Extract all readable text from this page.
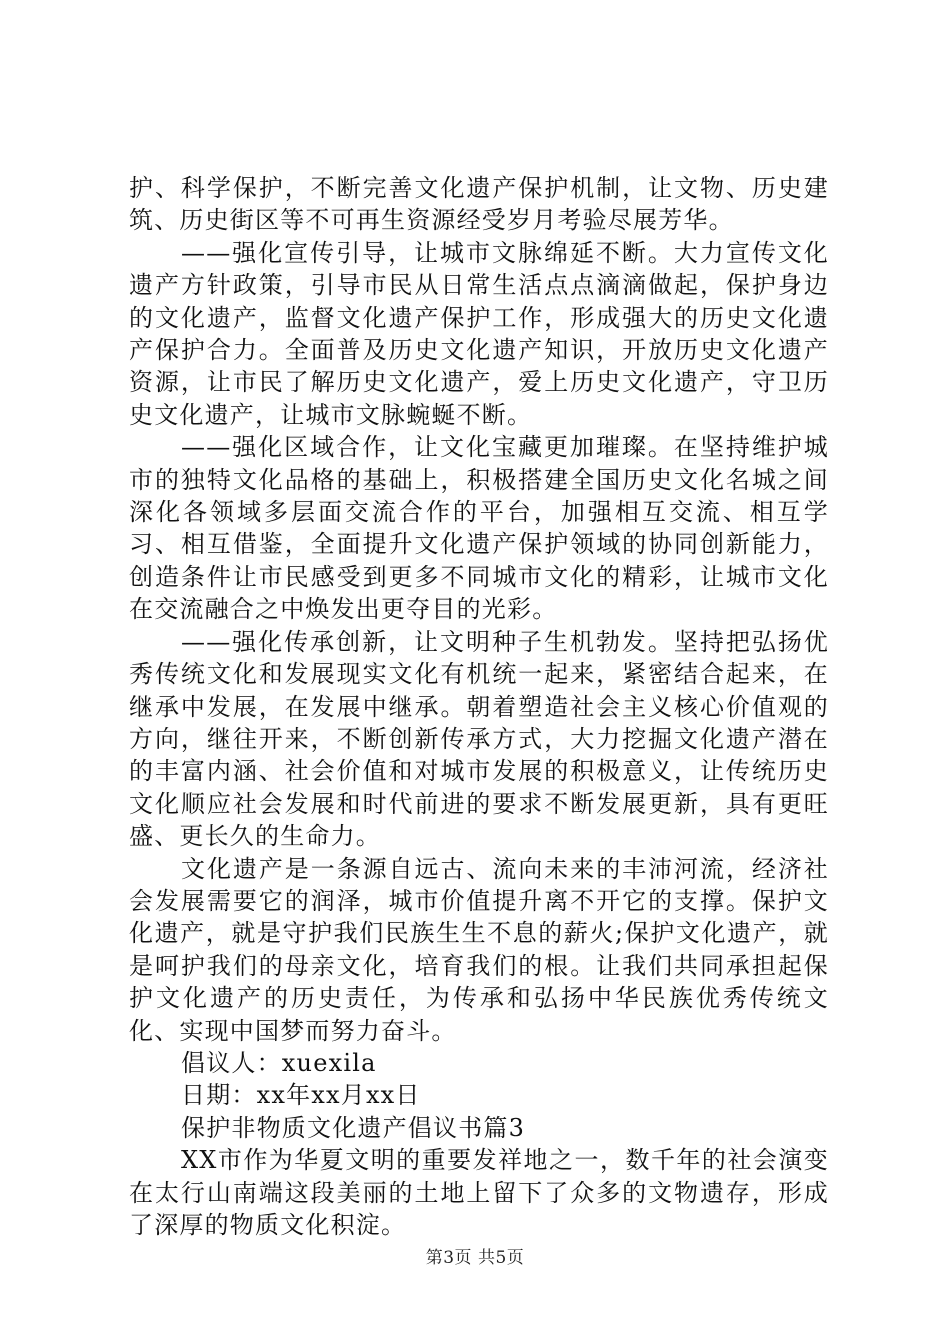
护、科学保护，不断完善文化遗产保护机制，让文物、历史建筑、历史街区等不可再生资源经受岁月考验尽展芳华。

——强化宣传引导，让城市文脉绵延不断。大力宣传文化遗产方针政策，引导市民从日常生活点点滴滴做起，保护身边的文化遗产，监督文化遗产保护工作，形成强大的历史文化遗产保护合力。全面普及历史文化遗产知识，开放历史文化遗产资源，让市民了解历史文化遗产，爱上历史文化遗产，守卫历史文化遗产，让城市文脉蜿蜒不断。

——强化区域合作，让文化宝藏更加璀璨。在坚持维护城市的独特文化品格的基础上，积极搭建全国历史文化名城之间深化各领域多层面交流合作的平台，加强相互交流、相互学习、相互借鉴，全面提升文化遗产保护领域的协同创新能力，创造条件让市民感受到更多不同城市文化的精彩，让城市文化在交流融合之中焕发出更夺目的光彩。

——强化传承创新，让文明种子生机勃发。坚持把弘扬优秀传统文化和发展现实文化有机统一起来，紧密结合起来，在继承中发展，在发展中继承。朝着塑造社会主义核心价值观的方向，继往开来，不断创新传承方式，大力挖掘文化遗产潜在的丰富内涵、社会价值和对城市发展的积极意义，让传统历史文化顺应社会发展和时代前进的要求不断发展更新，具有更旺盛、更长久的生命力。

文化遗产是一条源自远古、流向未来的丰沛河流，经济社会发展需要它的润泽，城市价值提升离不开它的支撑。保护文化遗产，就是守护我们民族生生不息的薪火;保护文化遗产，就是呵护我们的母亲文化，培育我们的根。让我们共同承担起保护文化遗产的历史责任，为传承和弘扬中华民族优秀传统文化、实现中国梦而努力奋斗。

倡议人：xuexila

日期：xx年xx月xx日

保护非物质文化遗产倡议书篇3

XX市作为华夏文明的重要发祥地之一，数千年的社会演变在太行山南端这段美丽的土地上留下了众多的文物遗存，形成了深厚的物质文化积淀。

第3页 共5页
